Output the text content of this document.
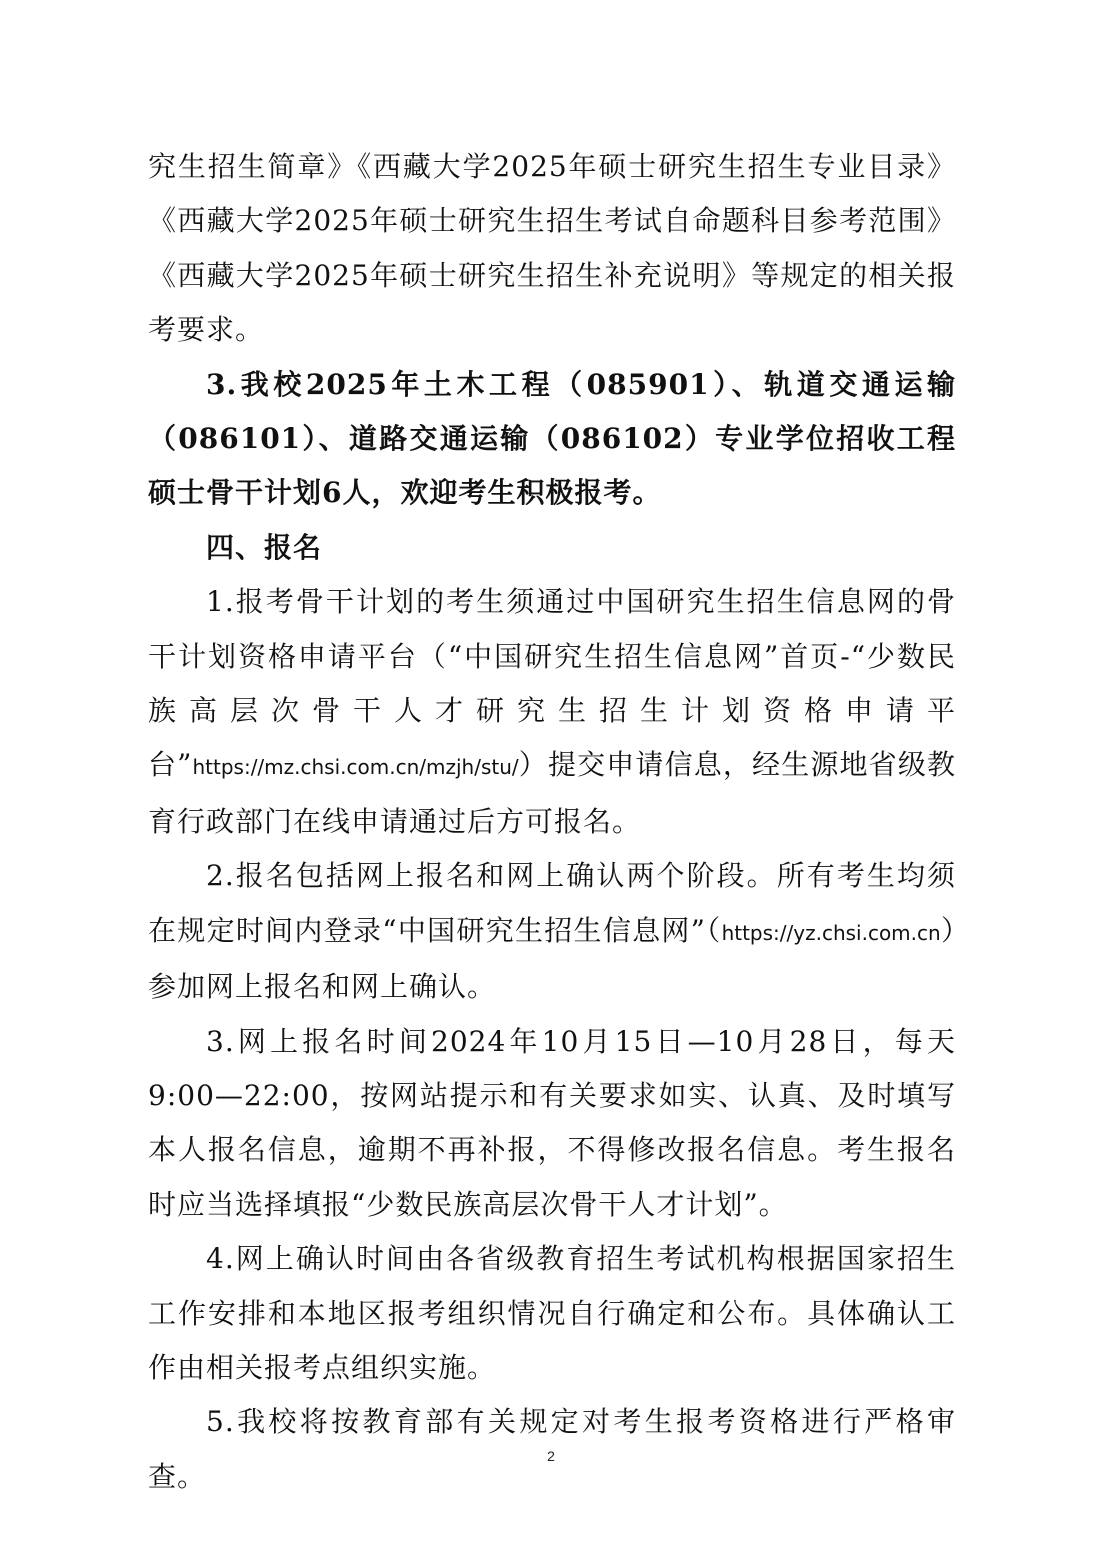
究生招生简章》《西藏大学2025年硕士研究生招生专业目录》《西藏大学2025年硕士研究生招生考试自命题科目参考范围》《西藏大学2025年硕士研究生招生补充说明》等规定的相关报考要求。

3.我校2025年土木工程（085901）、轨道交通运输（086101）、道路交通运输（086102）专业学位招收工程硕士骨干计划6人，欢迎考生积极报考。

四、报名

1.报考骨干计划的考生须通过中国研究生招生信息网的骨干计划资格申请平台（“中国研究生招生信息网”首页-“少数民族高层次骨干人才研究生招生计划资格申请平台”https://mz.chsi.com.cn/mzjh/stu/）提交申请信息，经生源地省级教育行政部门在线申请通过后方可报名。

2.报名包括网上报名和网上确认两个阶段。所有考生均须在规定时间内登录“中国研究生招生信息网”（https://yz.chsi.com.cn）参加网上报名和网上确认。

3.网上报名时间2024年10月15日—10月28日，每天9:00—22:00，按网站提示和有关要求如实、认真、及时填写本人报名信息，逾期不再补报，不得修改报名信息。考生报名时应当选择填报“少数民族高层次骨干人才计划”。

4.网上确认时间由各省级教育招生考试机构根据国家招生工作安排和本地区报考组织情况自行确定和公布。具体确认工作由相关报考点组织实施。

5.我校将按教育部有关规定对考生报考资格进行严格审查。

2
